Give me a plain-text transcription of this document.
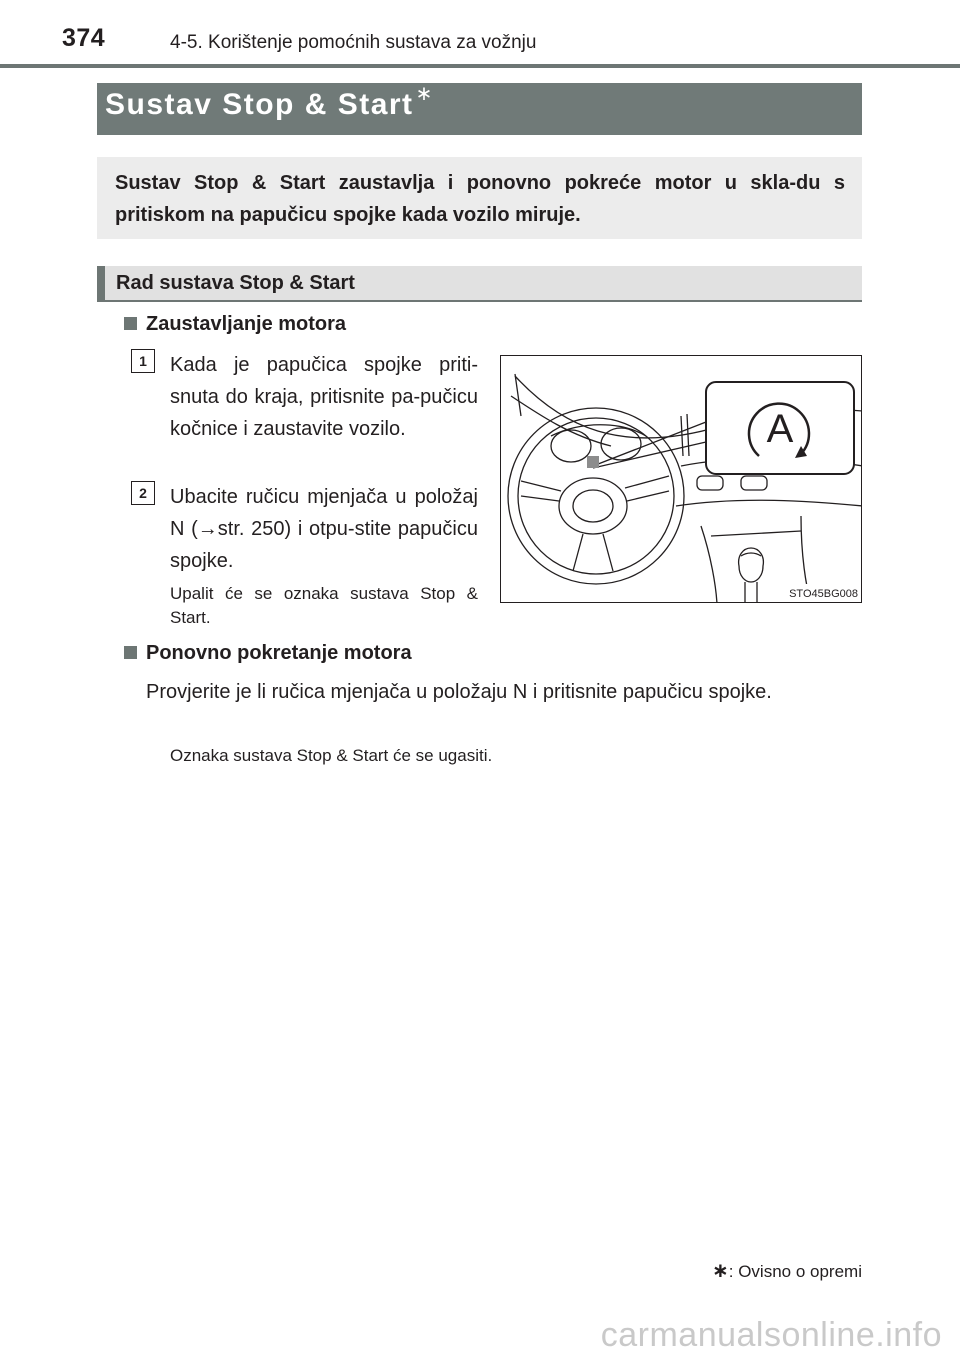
374	4-5. Korištenje pomoćnih sustava za vožnju
Sustav Stop & Start ∗
Sustav Stop & Start zaustavlja i ponovno pokreće motor u skla-du s pritiskom na papučicu spojke kada vozilo miruje.
Rad sustava Stop & Start
Zaustavljanje motora
1	Kada je papučica spojke priti-snuta do kraja, pritisnite pa-pučicu kočnice i zaustavite vozilo.
2	Ubacite ručicu mjenjača u položaj N (→str. 250) i otpu-stite papučicu spojke.
Upalit će se oznaka sustava Stop & Start.
A
STO45BG008
Ponovno pokretanje motora
Provjerite je li ručica mjenjača u položaju N i pritisnite papučicu spojke.
Oznaka sustava Stop & Start će se ugasiti.
∗: Ovisno o opremi
carmanualsonline.info
